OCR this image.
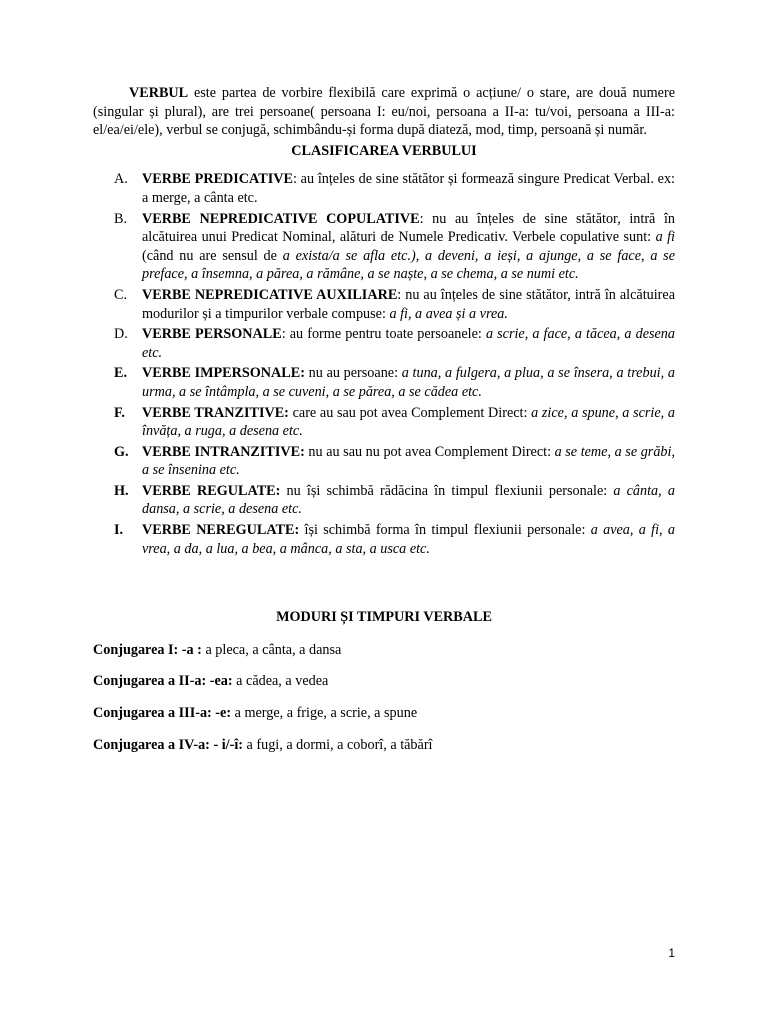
VERBUL este partea de vorbire flexibilă care exprimă o acțiune/ o stare, are două numere (singular și plural), are trei persoane( persoana I: eu/noi, persoana a II-a: tu/voi, persoana a III-a: el/ea/ei/ele), verbul se conjugă, schimbându-și forma după diateză, mod, timp, persoană și număr.

CLASIFICAREA VERBULUI
A.	VERBE PREDICATIVE: au înțeles de sine stătător și formează singure Predicat Verbal. ex: a merge, a cânta etc.
B.	VERBE NEPREDICATIVE COPULATIVE: nu au înțeles de sine stătător, intră în alcătuirea unui Predicat Nominal, alături de Numele Predicativ. Verbele copulative sunt: a fi (când nu are sensul de a exista/a se afla etc.), a deveni, a ieși, a ajunge, a se face, a se preface, a însemna, a părea, a rămâne, a se naște, a se chema, a se numi etc.
C.	VERBE NEPREDICATIVE AUXILIARE: nu au înțeles de sine stătător, intră în alcătuirea modurilor și a timpurilor verbale compuse: a fi, a avea și a vrea.
D.	VERBE PERSONALE: au forme pentru toate persoanele: a scrie, a face, a tăcea, a desena etc.
E.	VERBE IMPERSONALE: nu au persoane: a tuna, a fulgera, a plua, a se însera, a trebui, a urma, a se întâmpla, a se cuveni, a se părea, a se cădea etc.
F.	VERBE TRANZITIVE: care au sau pot avea Complement Direct: a zice, a spune, a scrie, a învăța, a ruga, a desena etc.
G. VERBE INTRANZITIVE: nu au sau nu pot avea Complement Direct: a se teme, a se grăbi, a se însenina etc.
H. VERBE REGULATE: nu își schimbă rădăcina în timpul flexiunii personale: a cânta, a dansa, a scrie, a desena etc.
I.	VERBE NEREGULATE: își schimbă forma în timpul flexiunii personale: a avea, a fi, a vrea, a da, a lua, a bea, a mânca, a sta, a usca etc.
MODURI ȘI TIMPURI VERBALE

Conjugarea I: -a : a pleca, a cânta, a dansa

Conjugarea a II-a: -ea: a cădea, a vedea

Conjugarea a III-a: -e: a merge, a frige, a scrie, a spune

Conjugarea a IV-a: - i/-î: a fugi, a dormi, a coborî, a tăbărî

1
